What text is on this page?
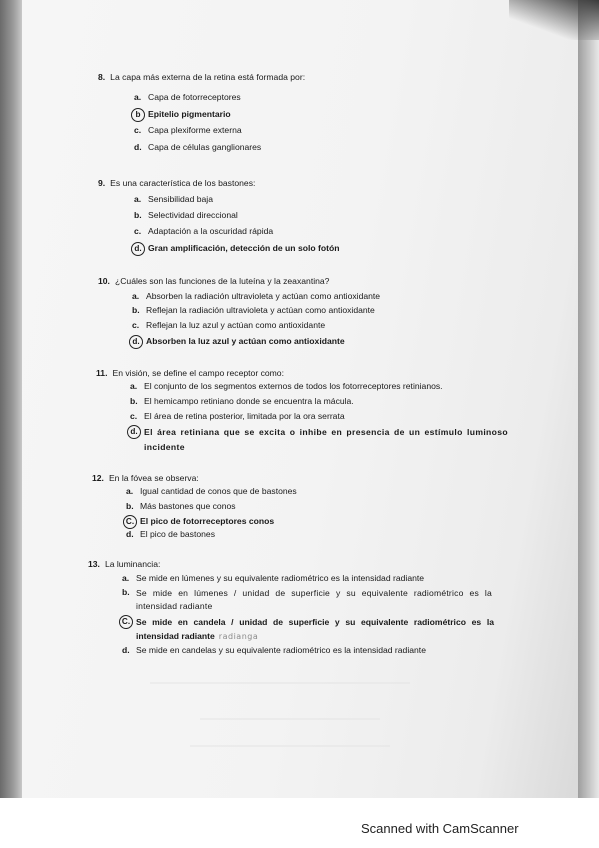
8. La capa más externa de la retina está formada por:
a. Capa de fotorreceptores
b Epitelio pigmentario
c. Capa plexiforme externa
d. Capa de células ganglionares
9. Es una característica de los bastones:
a. Sensibilidad baja
b. Selectividad direccional
c. Adaptación a la oscuridad rápida
d. Gran amplificación, detección de un solo fotón
10. ¿Cuáles son las funciones de la luteína y la zeaxantina?
a. Absorben la radiación ultravioleta y actúan como antioxidante
b. Reflejan la radiación ultravioleta y actúan como antioxidante
c. Reflejan la luz azul y actúan como antioxidante
d. Absorben la luz azul y actúan como antioxidante
11. En visión, se define el campo receptor como:
a. El conjunto de los segmentos externos de todos los fotorreceptores retinianos.
b. El hemicampo retiniano donde se encuentra la mácula.
c. El área de retina posterior, limitada por la ora serrata
d. El área retiniana que se excita o inhibe en presencia de un estímulo luminoso incidente
12. En la fóvea se observa:
a. Igual cantidad de conos que de bastones
b. Más bastones que conos
C. El pico de fotorreceptores conos
d. El pico de bastones
13. La luminancia:
a. Se mide en lúmenes y su equivalente radiométrico es la intensidad radiante
b. Se mide en lúmenes / unidad de superficie y su equivalente radiométrico es la intensidad radiante
C. Se mide en candela / unidad de superficie y su equivalente radiométrico es la intensidad radiante radianga
d. Se mide en candelas y su equivalente radiométrico es la intensidad radiante
Scanned with CamScanner
